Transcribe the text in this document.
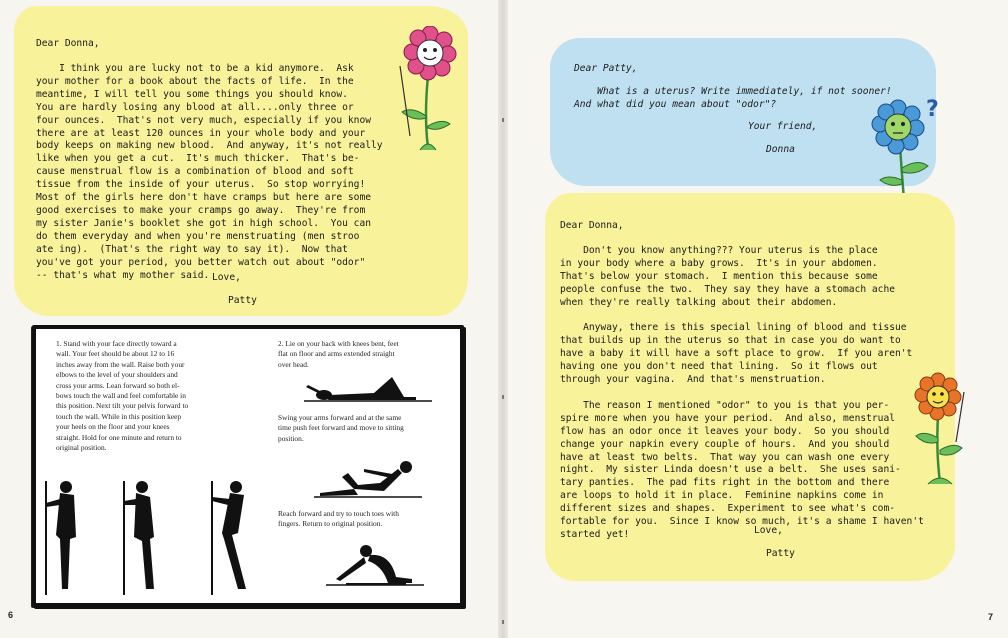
Dear Donna,
I think you are lucky not to be a kid anymore.  Ask
your mother for a book about the facts of life.  In the
meantime, I will tell you some things you should know.
You are hardly losing any blood at all....only three or
four ounces.  That's not very much, especially if you know
there are at least 120 ounces in your whole body and your
body keeps on making new blood.  And anyway, it's not really
like when you get a cut.  It's much thicker.  That's be-
cause menstrual flow is a combination of blood and soft
tissue from the inside of your uterus.  So stop worrying!
Most of the girls here don't have cramps but here are some
good exercises to make your cramps go away.  They're from
my sister Janie's booklet she got in high school.  You can
do them everyday and when you're menstruating (men stroo
ate ing).  (That's the right way to say it).  Now that
you've got your period, you better watch out about "odor"
-- that's what my mother said. Love,
Patty
1. Stand with your face directly toward a
wall. Your feet should be about 12 to 16
inches away from the wall. Raise both your
elbows to the level of your shoulders and
cross your arms. Lean forward so both el-
bows touch the wall and feel comfortable in
this position. Next tilt your pelvis forward to
touch the wall. While in this position keep
your heels on the floor and your knees
straight. Hold for one minute and return to
original position.
2. Lie on your back with knees bent, feet
flat on floor and arms extended straight
over head.
Swing your arms forward and at the same
time push feet forward and move to sitting
position.
Reach forward and try to touch toes with
fingers. Return to original position.
Dear Patty,
What is a uterus? Write immediately, if not sooner!
And what did you mean about "odor"?
Your friend,
Donna
?
Dear Donna,
Don't you know anything??? Your uterus is the place
in your body where a baby grows.  It's in your abdomen.
That's below your stomach.  I mention this because some
people confuse the two.  They say they have a stomach ache
when they're really talking about their abdomen.

Anyway, there is this special lining of blood and tissue
that builds up in the uterus so that in case you do want to
have a baby it will have a soft place to grow.  If you aren't
having one you don't need that lining.  So it flows out
through your vagina.  And that's menstruation.

The reason I mentioned "odor" to you is that you per-
spire more when you have your period.  And also, menstrual
flow has an odor once it leaves your body.  So you should
change your napkin every couple of hours.  And you should
have at least two belts.  That way you can wash one every
night.  My sister Linda doesn't use a belt.  She uses sani-
tary panties.  The pad fits right in the bottom and there
are loops to hold it in place.  Feminine napkins come in
different sizes and shapes.  Experiment to see what's com-
fortable for you.  Since I know so much, it's a shame I haven't
started yet!	Love,
Patty
6	7
